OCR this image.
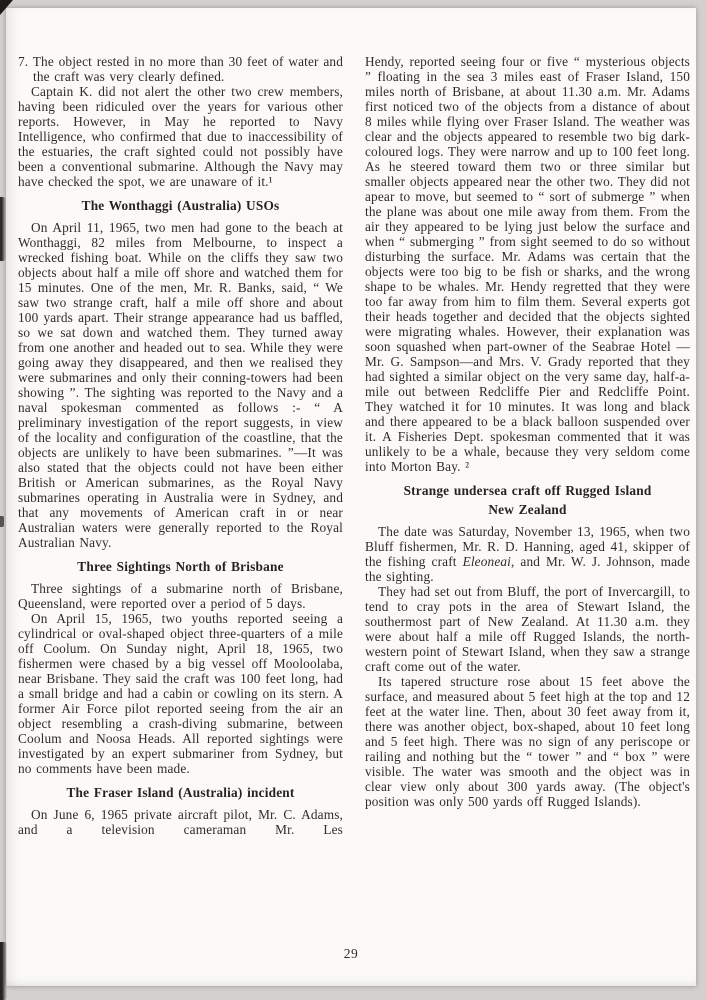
7. The object rested in no more than 30 feet of water and the craft was very clearly defined.

Captain K. did not alert the other two crew members, having been ridiculed over the years for various other reports. However, in May he reported to Navy Intelligence, who confirmed that due to inaccessibility of the estuaries, the craft sighted could not possibly have been a conventional submarine. Although the Navy may have checked the spot, we are unaware of it.¹

The Wonthaggi (Australia) USOs

On April 11, 1965, two men had gone to the beach at Wonthaggi, 82 miles from Melbourne, to inspect a wrecked fishing boat. While on the cliffs they saw two objects about half a mile off shore and watched them for 15 minutes. One of the men, Mr. R. Banks, said, “ We saw two strange craft, half a mile off shore and about 100 yards apart. Their strange appearance had us baffled, so we sat down and watched them. They turned away from one another and headed out to sea. While they were going away they disappeared, and then we realised they were submarines and only their conning-towers had been showing ”. The sighting was reported to the Navy and a naval spokesman commented as follows :- “ A preliminary investigation of the report suggests, in view of the locality and configuration of the coastline, that the objects are unlikely to have been submarines. ”—It was also stated that the objects could not have been either British or American submarines, as the Royal Navy submarines operating in Australia were in Sydney, and that any movements of American craft in or near Australian waters were generally reported to the Royal Australian Navy.

Three Sightings North of Brisbane

Three sightings of a submarine north of Brisbane, Queensland, were reported over a period of 5 days.

On April 15, 1965, two youths reported seeing a cylindrical or oval-shaped object three-quarters of a mile off Coolum. On Sunday night, April 18, 1965, two fishermen were chased by a big vessel off Mooloolaba, near Brisbane. They said the craft was 100 feet long, had a small bridge and had a cabin or cowling on its stern. A former Air Force pilot reported seeing from the air an object resembling a crash-diving submarine, between Coolum and Noosa Heads. All reported sightings were investigated by an expert submariner from Sydney, but no comments have been made.

The Fraser Island (Australia) incident

On June 6, 1965 private aircraft pilot, Mr. C. Adams, and a television cameraman Mr. Les

Hendy, reported seeing four or five “ mysterious objects ” floating in the sea 3 miles east of Fraser Island, 150 miles north of Brisbane, at about 11.30 a.m. Mr. Adams first noticed two of the objects from a distance of about 8 miles while flying over Fraser Island. The weather was clear and the objects appeared to resemble two big dark-coloured logs. They were narrow and up to 100 feet long. As he steered toward them two or three similar but smaller objects appeared near the other two. They did not apear to move, but seemed to “ sort of submerge ” when the plane was about one mile away from them. From the air they appeared to be lying just below the surface and when “ submerging ” from sight seemed to do so without disturbing the surface. Mr. Adams was certain that the objects were too big to be fish or sharks, and the wrong shape to be whales. Mr. Hendy regretted that they were too far away from him to film them. Several experts got their heads together and decided that the objects sighted were migrating whales. However, their explanation was soon squashed when part-owner of the Seabrae Hotel —Mr. G. Sampson—and Mrs. V. Grady reported that they had sighted a similar object on the very same day, half-a-mile out between Redcliffe Pier and Redcliffe Point. They watched it for 10 minutes. It was long and black and there appeared to be a black balloon suspended over it. A Fisheries Dept. spokesman commented that it was unlikely to be a whale, because they very seldom come into Morton Bay. ²

Strange undersea craft off Rugged Island
New Zealand

The date was Saturday, November 13, 1965, when two Bluff fishermen, Mr. R. D. Hanning, aged 41, skipper of the fishing craft Eleoneai, and Mr. W. J. Johnson, made the sighting.

They had set out from Bluff, the port of Invercargill, to tend to cray pots in the area of Stewart Island, the southermost part of New Zealand. At 11.30 a.m. they were about half a mile off Rugged Islands, the north-western point of Stewart Island, when they saw a strange craft come out of the water.

Its tapered structure rose about 15 feet above the surface, and measured about 5 feet high at the top and 12 feet at the water line. Then, about 30 feet away from it, there was another object, box-shaped, about 10 feet long and 5 feet high. There was no sign of any periscope or railing and nothing but the “ tower ” and “ box ” were visible. The water was smooth and the object was in clear view only about 300 yards away. (The object's position was only 500 yards off Rugged Islands).

29
